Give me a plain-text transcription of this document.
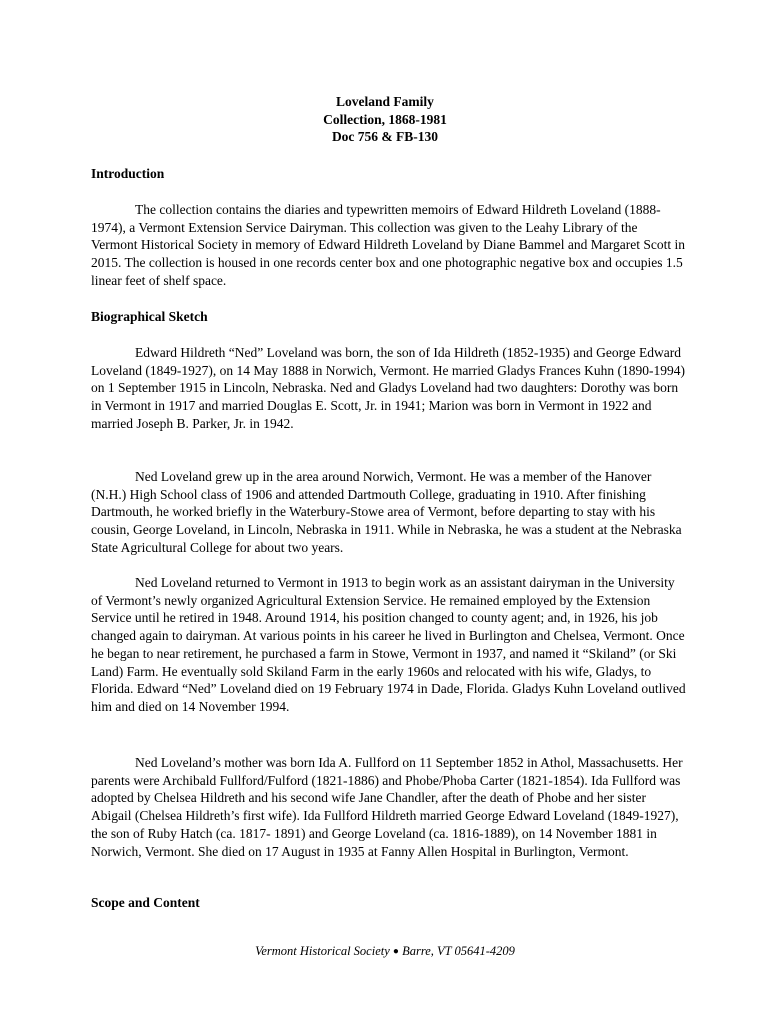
Loveland Family
Collection, 1868-1981
Doc 756 & FB-130
Introduction

The collection contains the diaries and typewritten memoirs of Edward Hildreth Loveland (1888-1974), a Vermont Extension Service Dairyman. This collection was given to the Leahy Library of the Vermont Historical Society in memory of Edward Hildreth Loveland by Diane Bammel and Margaret Scott in 2015. The collection is housed in one records center box and one photographic negative box and occupies 1.5 linear feet of shelf space.

Biographical Sketch

Edward Hildreth “Ned” Loveland was born, the son of Ida Hildreth (1852-1935) and George Edward Loveland (1849-1927), on 14 May 1888 in Norwich, Vermont. He married Gladys Frances Kuhn (1890-1994) on 1 September 1915 in Lincoln, Nebraska. Ned and Gladys Loveland had two daughters: Dorothy was born in Vermont in 1917 and married Douglas E. Scott, Jr. in 1941; Marion was born in Vermont in 1922 and married Joseph B. Parker, Jr. in 1942.

Ned Loveland grew up in the area around Norwich, Vermont. He was a member of the Hanover (N.H.) High School class of 1906 and attended Dartmouth College, graduating in 1910. After finishing Dartmouth, he worked briefly in the Waterbury-Stowe area of Vermont, before departing to stay with his cousin, George Loveland, in Lincoln, Nebraska in 1911. While in Nebraska, he was a student at the Nebraska State Agricultural College for about two years.

Ned Loveland returned to Vermont in 1913 to begin work as an assistant dairyman in the University of Vermont’s newly organized Agricultural Extension Service. He remained employed by the Extension Service until he retired in 1948. Around 1914, his position changed to county agent; and, in 1926, his job changed again to dairyman. At various points in his career he lived in Burlington and Chelsea, Vermont. Once he began to near retirement, he purchased a farm in Stowe, Vermont in 1937, and named it “Skiland” (or Ski Land) Farm. He eventually sold Skiland Farm in the early 1960s and relocated with his wife, Gladys, to Florida. Edward “Ned” Loveland died on 19 February 1974 in Dade, Florida. Gladys Kuhn Loveland outlived him and died on 14 November 1994.

Ned Loveland’s mother was born Ida A. Fullford on 11 September 1852 in Athol, Massachusetts. Her parents were Archibald Fullford/Fulford (1821-1886) and Phobe/Phoba Carter (1821-1854). Ida Fullford was adopted by Chelsea Hildreth and his second wife Jane Chandler, after the death of Phobe and her sister Abigail (Chelsea Hildreth’s first wife). Ida Fullford Hildreth married George Edward Loveland (1849-1927), the son of Ruby Hatch (ca. 1817- 1891) and George Loveland (ca. 1816-1889), on 14 November 1881 in Norwich, Vermont. She died on 17 August in 1935 at Fanny Allen Hospital in Burlington, Vermont.

Scope and Content
Vermont Historical Society ● Barre, VT 05641-4209
